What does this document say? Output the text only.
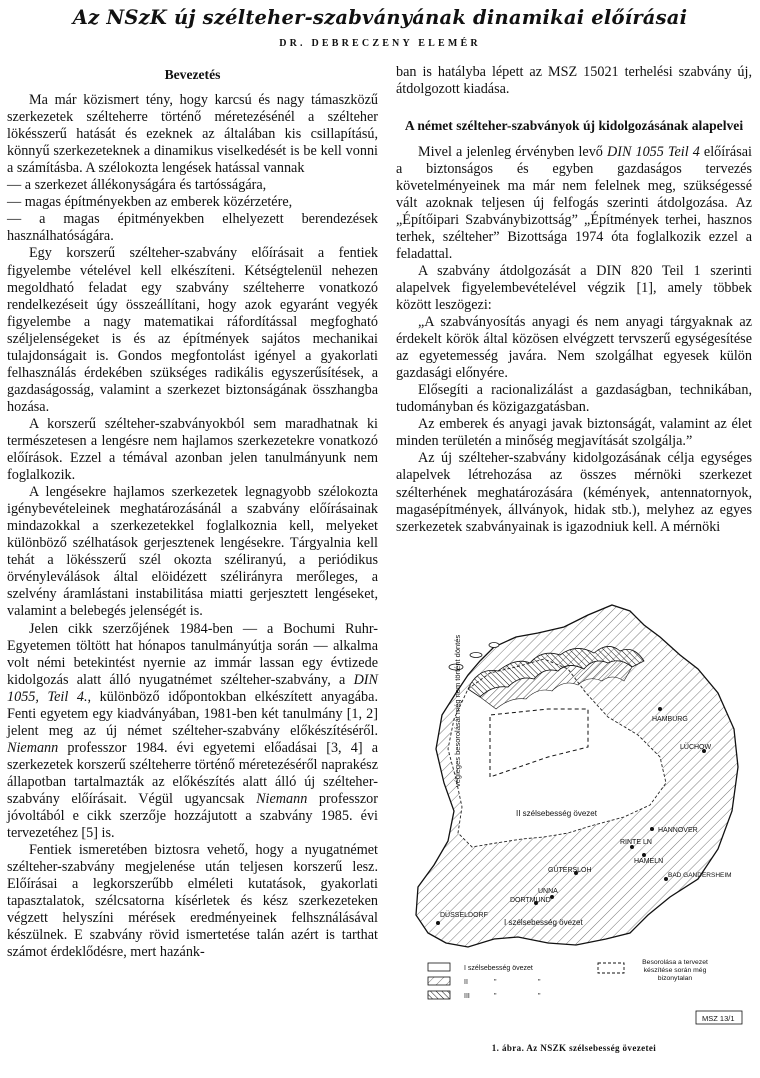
Az NSzK új szélteher-szabványának dinamikai előírásai
DR. DEBRECZENY ELEMÉR
Bevezetés

Ma már közismert tény, hogy karcsú és nagy támaszközű szerkezetek szélteherre történő méretezésénél a szélteher lökésszerű hatását és ezeknek az általában kis csillapítású, könnyű szerkezeteknek a dinamikus viselkedését is be kell vonni a számításba. A szélokozta lengések hatással vannak

— a szerkezet állékonyságára és tartósságára,

— magas építményekben az emberek közérzetére,

— a magas épitményekben elhelyezett berendezések használhatóságára.

Egy korszerű szélteher-szabvány előírásait a fentiek figyelembe vételével kell elkészíteni. Kétségtelenül nehezen megoldható feladat egy szabvány szélteherre vonatkozó rendelkezéseit úgy összeállítani, hogy azok egyaránt vegyék figyelembe a nagy matematikai ráfordítással megfogható széljelenségeket is és az építmények sajátos mechanikai tulajdonságait is. Gondos megfontolást igényel a gyakorlati felhasználás érdekében szükséges radikális egyszerűsítések, a gazdaságosság, valamint a szerkezet biztonságának összhangba hozása.

A korszerű szélteher-szabványokból sem maradhatnak ki természetesen a lengésre nem hajlamos szerkezetekre vonatkozó előírások. Ezzel a témával azonban jelen tanulmányunk nem foglalkozik.

A lengésekre hajlamos szerkezetek legnagyobb szélokozta igénybevételeinek meghatározásánál a szabvány előírásainak mindazokkal a szerkezetekkel foglalkoznia kell, melyeket különböző szélhatások gerjesztenek lengésekre. Tárgyalnia kell tehát a lökésszerű szél okozta széliranyú, a periódikus örvényleválások által elöidézett szélirányra merőleges, a szelvény áramlástani instabilitása miatti gerjesztett lengéseket, valamint a belebegés jelenségét is.

Jelen cikk szerzőjének 1984-ben — a Bochumi Ruhr-Egyetemen töltött hat hónapos tanulmányútja során — alkalma volt némi betekintést nyernie az immár lassan egy évtizede kidolgozás alatt álló nyugatnémet szélteher-szabvány, a DIN 1055, Teil 4., különböző időpontokban elkészített anyagába. Fenti egyetem egy kiadványában, 1981-ben két tanulmány [1, 2] jelent meg az új német szélteher-szabvány előkészítéséről. Niemann professzor 1984. évi egyetemi előadásai [3, 4] a szerkezetek korszerű szélteherre történő méretezéséről naprakész állapotban tartalmazták az előkészítés alatt álló új szélteher-szabvány előírásait. Végül ugyancsak Niemann professzor jóvoltából e cikk szerzője hozzájutott a szabvány 1985. évi tervezetéhez [5] is.

Fentiek ismeretében biztosra vehető, hogy a nyugatnémet szélteher-szabvány megjelenése után teljesen korszerű lesz. Előírásai a legkorszerűbb elméleti kutatások, gyakorlati tapasztalatok, szélcsatorna kísérletek és kész szerkezeteken végzett helyszíni mérések eredményeinek felhsználásával készülnek. E szabvány rövid ismertetése talán azért is tarthat számot érdeklődésre, mert hazánk-

ban is hatályba lépett az MSZ 15021 terhelési szabvány új, átdolgozott kiadása.

A német szélteher-szabványok új kidolgozásának alapelvei

Mivel a jelenleg érvényben levő DIN 1055 Teil 4 előírásai a biztonságos és egyben gazdaságos tervezés követelményeinek ma már nem felelnek meg, szükségessé vált azoknak teljesen új felfogás szerinti átdolgozása. Az „Építőipari Szabványbizottság” „Építmények terhei, hasznos terhek, szélteher” Bizottsága 1974 óta foglalkozik ezzel a feladattal.

A szabvány átdolgozását a DIN 820 Teil 1 szerinti alapelvek figyelembevételével végzik [1], amely többek között leszögezi:

„A szabványosítás anyagi és nem anyagi tárgyaknak az érdekelt körök által közösen elvégzett tervszerű egységesítése az egyetemesség javára. Nem szolgálhat egyesek külön gazdasági előnyére.

Elősegíti a racionalizálást a gazdaságban, technikában, tudományban és közigazgatásban.

Az emberek és anyagi javak biztonságát, valamint az élet minden területén a minőség megjavítását szolgálja.”

Az új szélteher-szabvány kidolgozásának célja egységes alapelvek létrehozása az összes mérnöki szerkezet szélterhének meghatározására (kémények, antennatornyok, magasépítmények, állványok, hidak stb.), melyhez az egyes szerkezetek szabványainak is igazodniuk kell. A mérnöki

végleges besorolását még nem történt döntés
II szélsebesség övezet
I szélsebesség övezet
HAMBURG
LÜCHOW
HANNOVER
RINTE LN
HAMELN
GÜTERSLOH
BAD GANDERSHEIM
UNNA
DORTMUND
DÜSSELDORF
I szélsebesség övezet
II	"	"
III	"	"
Besorolása a tervezet készítése során még bizonytalan
MSZ 13/1
1. ábra. Az NSZK szélsebesség övezetei
